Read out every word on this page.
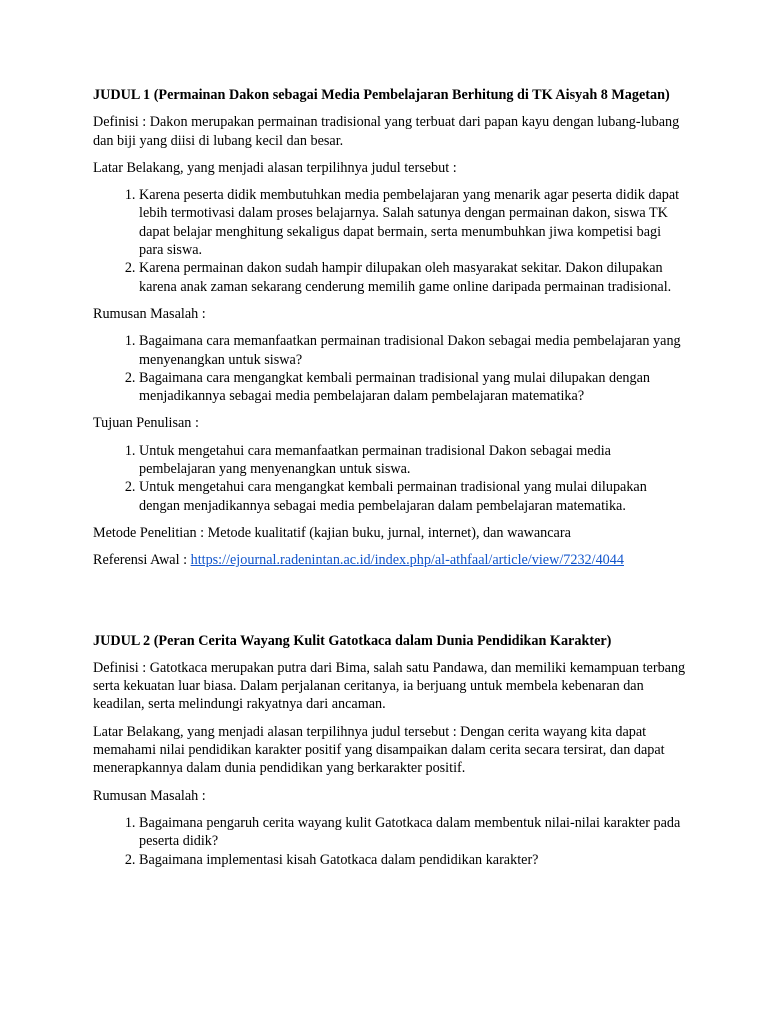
JUDUL 1 (Permainan Dakon sebagai Media Pembelajaran Berhitung di TK Aisyah 8 Magetan)

Definisi : Dakon merupakan permainan tradisional yang terbuat dari papan kayu dengan lubang-lubang dan biji yang diisi di lubang kecil dan besar.

Latar Belakang, yang menjadi alasan terpilihnya judul tersebut :

1. Karena peserta didik membutuhkan media pembelajaran yang menarik agar peserta didik dapat lebih termotivasi dalam proses belajarnya. Salah satunya dengan permainan dakon, siswa TK dapat belajar menghitung sekaligus dapat bermain, serta menumbuhkan jiwa kompetisi bagi para siswa.
2. Karena permainan dakon sudah hampir dilupakan oleh masyarakat sekitar. Dakon dilupakan karena anak zaman sekarang cenderung memilih game online daripada permainan tradisional.

Rumusan Masalah :

1. Bagaimana cara memanfaatkan permainan tradisional Dakon sebagai media pembelajaran yang menyenangkan untuk siswa?
2. Bagaimana cara mengangkat kembali permainan tradisional yang mulai dilupakan dengan menjadikannya sebagai media pembelajaran dalam pembelajaran matematika?

Tujuan Penulisan :

1. Untuk mengetahui cara memanfaatkan permainan tradisional Dakon sebagai media pembelajaran yang menyenangkan untuk siswa.
2. Untuk mengetahui cara mengangkat kembali permainan tradisional yang mulai dilupakan dengan menjadikannya sebagai media pembelajaran dalam pembelajaran matematika.

Metode Penelitian : Metode kualitatif (kajian buku, jurnal, internet), dan wawancara

Referensi Awal : https://ejournal.radenintan.ac.id/index.php/al-athfaal/article/view/7232/4044

JUDUL 2 (Peran Cerita Wayang Kulit Gatotkaca dalam Dunia Pendidikan Karakter)

Definisi : Gatotkaca merupakan putra dari Bima, salah satu Pandawa, dan memiliki kemampuan terbang serta kekuatan luar biasa. Dalam perjalanan ceritanya, ia berjuang untuk membela kebenaran dan keadilan, serta melindungi rakyatnya dari ancaman.

Latar Belakang, yang menjadi alasan terpilihnya judul tersebut : Dengan cerita wayang kita dapat memahami nilai pendidikan karakter positif yang disampaikan dalam cerita secara tersirat, dan dapat menerapkannya dalam dunia pendidikan yang berkarakter positif.

Rumusan Masalah :

1. Bagaimana pengaruh cerita wayang kulit Gatotkaca dalam membentuk nilai-nilai karakter pada peserta didik?
2. Bagaimana implementasi kisah Gatotkaca dalam pendidikan karakter?
